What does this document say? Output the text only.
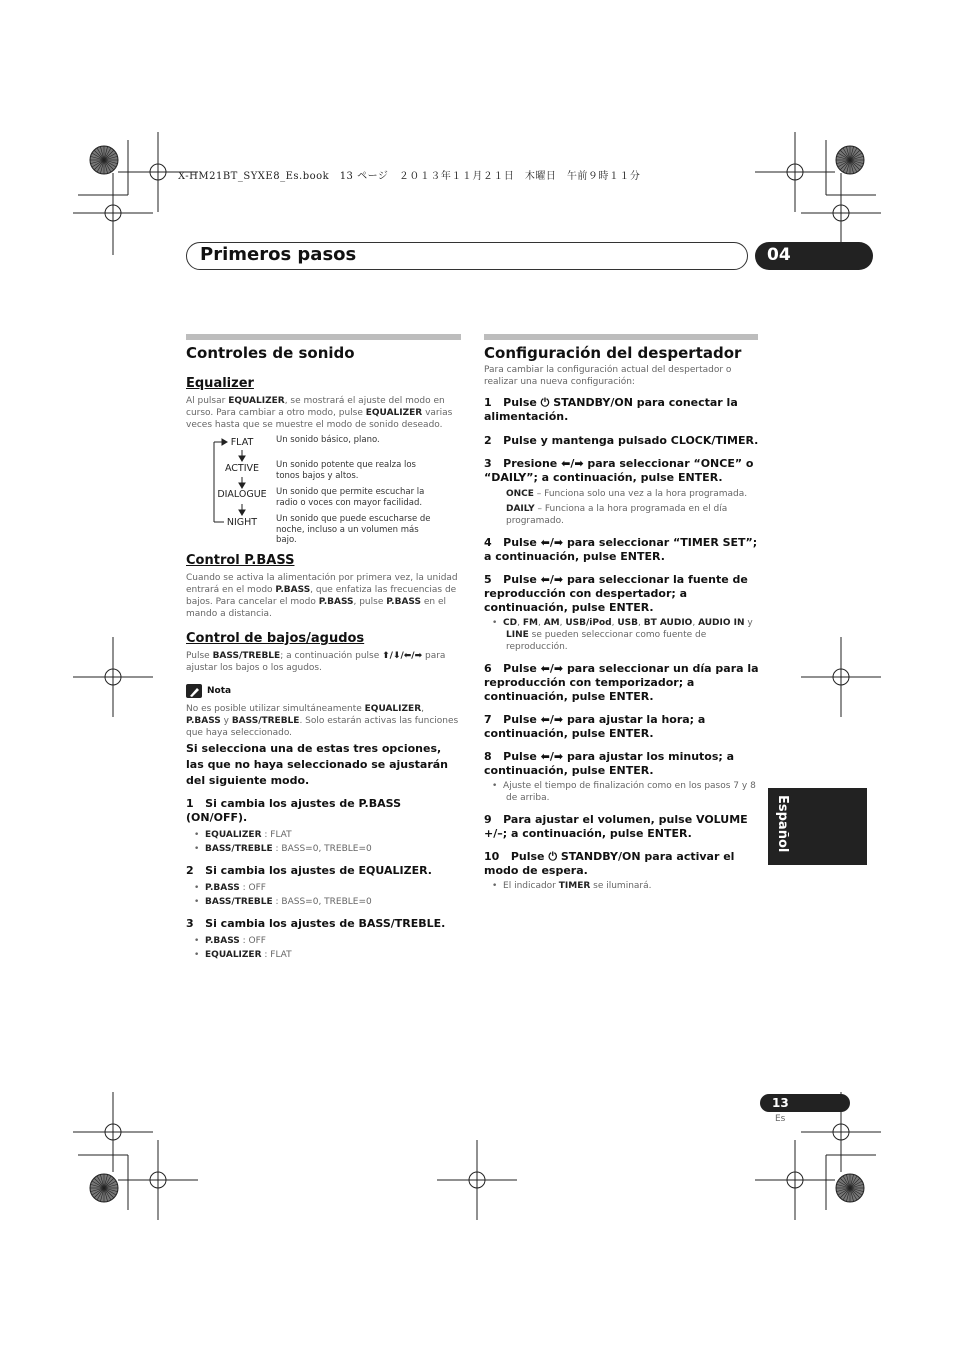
X-HM21BT_SYXE8_Es.book　13 ページ　２０１３年１１月２１日　木曜日　午前９時１１分
Primeros pasos	04
Controles de sonido
Equalizer
Al pulsar EQUALIZER, se mostrará el ajuste del modo en curso. Para cambiar a otro modo, pulse EQUALIZER varias veces hasta que se muestre el modo de sonido deseado.
FLAT
ACTIVE
DIALOGUE
NIGHT
Un sonido básico, plano.
Un sonido potente que realza los tonos bajos y altos.
Un sonido que permite escuchar la radio o voces con mayor facilidad.
Un sonido que puede escucharse de noche, incluso a un volumen más bajo.
Control P.BASS
Cuando se activa la alimentación por primera vez, la unidad entrará en el modo P.BASS, que enfatiza las frecuencias de bajos. Para cancelar el modo P.BASS, pulse P.BASS en el mando a distancia.
Control de bajos/agudos
Pulse BASS/TREBLE; a continuación pulse ⬆/⬇/⬅/➡ para ajustar los bajos o los agudos.
Nota
No es posible utilizar simultáneamente EQUALIZER, P.BASS y BASS/TREBLE. Solo estarán activas las funciones que haya seleccionado.
Si selecciona una de estas tres opciones, las que no haya seleccionado se ajustarán del siguiente modo.
1 Si cambia los ajustes de P.BASS (ON/OFF).
•  EQUALIZER : FLAT
•  BASS/TREBLE : BASS=0, TREBLE=0
2 Si cambia los ajustes de EQUALIZER.
•  P.BASS : OFF
•  BASS/TREBLE : BASS=0, TREBLE=0
3 Si cambia los ajustes de BASS/TREBLE.
•  P.BASS : OFF
•  EQUALIZER : FLAT
Configuración del despertador
Para cambiar la configuración actual del despertador o realizar una nueva configuración:
1 Pulse ⏻ STANDBY/ON para conectar la alimentación.
2 Pulse y mantenga pulsado CLOCK/TIMER.
3 Presione ⬅/➡ para seleccionar “ONCE” o “DAILY”; a continuación, pulse ENTER.
ONCE – Funciona solo una vez a la hora programada.
DAILY – Funciona a la hora programada en el día programado.
4 Pulse ⬅/➡ para seleccionar “TIMER SET”; a continuación, pulse ENTER.
5 Pulse ⬅/➡ para seleccionar la fuente de reproducción con despertador; a continuación, pulse ENTER.
•  CD, FM, AM, USB/iPod, USB, BT AUDIO, AUDIO IN y LINE se pueden seleccionar como fuente de reproducción.
6 Pulse ⬅/➡ para seleccionar un día para la reproducción con temporizador; a continuación, pulse ENTER.
7 Pulse ⬅/➡ para ajustar la hora; a continuación, pulse ENTER.
8 Pulse ⬅/➡ para ajustar los minutos; a continuación, pulse ENTER.
•  Ajuste el tiempo de finalización como en los pasos 7 y 8 de arriba.
9 Para ajustar el volumen, pulse VOLUME +/–; a continuación, pulse ENTER.
10 Pulse ⏻ STANDBY/ON para activar el modo de espera.
•  El indicador TIMER se iluminará.
Español
13
Es
